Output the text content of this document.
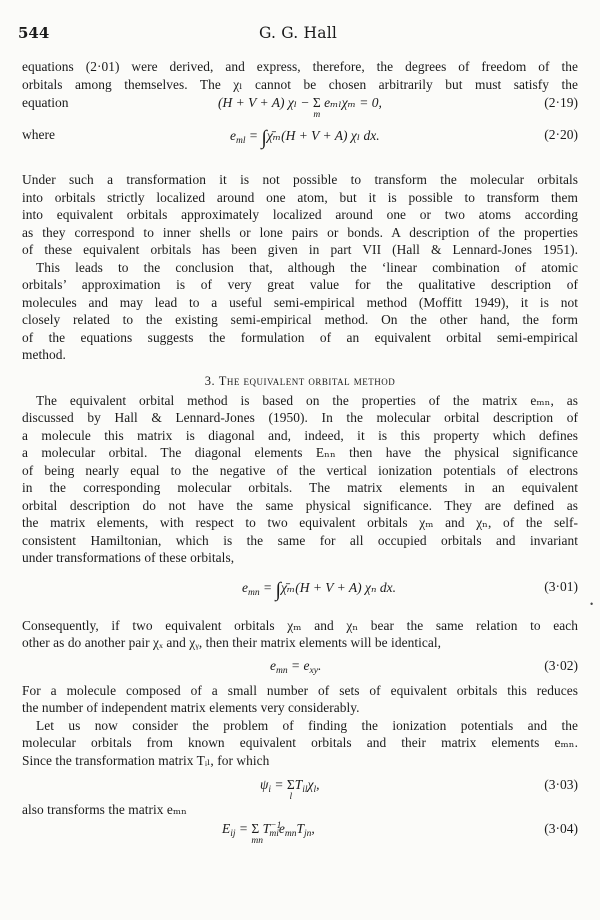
544	G. G. Hall

equations (2·01) were derived, and express, therefore, the degrees of freedom of the

orbitals among themselves. The χₗ cannot be chosen arbitrarily but must satisfy the

equation	(H + V + A) χₗ − Σ
m
eₘₗχₘ = 0,	(2·19)
where	$e_{ml}$ = ∫χ̄ₘ(H + V + A) χₗ dx.	(2·20)

Under such a transformation it is not possible to transform the molecular orbitals

into orbitals strictly localized around one atom, but it is possible to transform them

into equivalent orbitals approximately localized around one or two atoms according

as they correspond to inner shells or lone pairs or bonds. A description of the properties

of these equivalent orbitals has been given in part VII (Hall & Lennard-Jones 1951).

This leads to the conclusion that, although the ‘linear combination of atomic

orbitals’ approximation is of very great value for the qualitative description of

molecules and may lead to a useful semi-empirical method (Moffitt 1949), it is not

closely related to the existing semi-empirical method. On the other hand, the form

of the equations suggests the formulation of an equivalent orbital semi-empirical

method.

3. The equivalent orbital method

The equivalent orbital method is based on the properties of the matrix eₘₙ, as

discussed by Hall & Lennard-Jones (1950). In the molecular orbital description of

a molecule this matrix is diagonal and, indeed, it is this property which defines

a molecular orbital. The diagonal elements Eₙₙ then have the physical significance

of being nearly equal to the negative of the vertical ionization potentials of electrons

in the corresponding molecular orbitals. The matrix elements in an equivalent

orbital description do not have the same physical significance. They are defined as

the matrix elements, with respect to two equivalent orbitals χₘ and χₙ, of the self-

consistent Hamiltonian, which is the same for all occupied orbitals and invariant

under transformations of these orbitals,

$e_{mn}$ = ∫χ̄ₘ(H + V + A) χₙ dx.	(3·01)

Consequently, if two equivalent orbitals χₘ and χₙ bear the same relation to each

other as do another pair χₓ and χᵧ, then their matrix elements will be identical,

$e_{mn} = e_{xy}$.	(3·02)

For a molecule composed of a small number of sets of equivalent orbitals this reduces

the number of independent matrix elements very considerably.

Let us now consider the problem of finding the ionization potentials and the

molecular orbitals from known equivalent orbitals and their matrix elements eₘₙ.

Since the transformation matrix Tᵢₗ, for which

$\psi_i = \Sigma$
l
$T_{il}\chi_l$,	(3·03)

also transforms the matrix eₘₙ

$E_{ij} = \Sigma$
mn
$T^{-1}_{mi}e_{mn}T_{jn}$,	(3·04)
•
